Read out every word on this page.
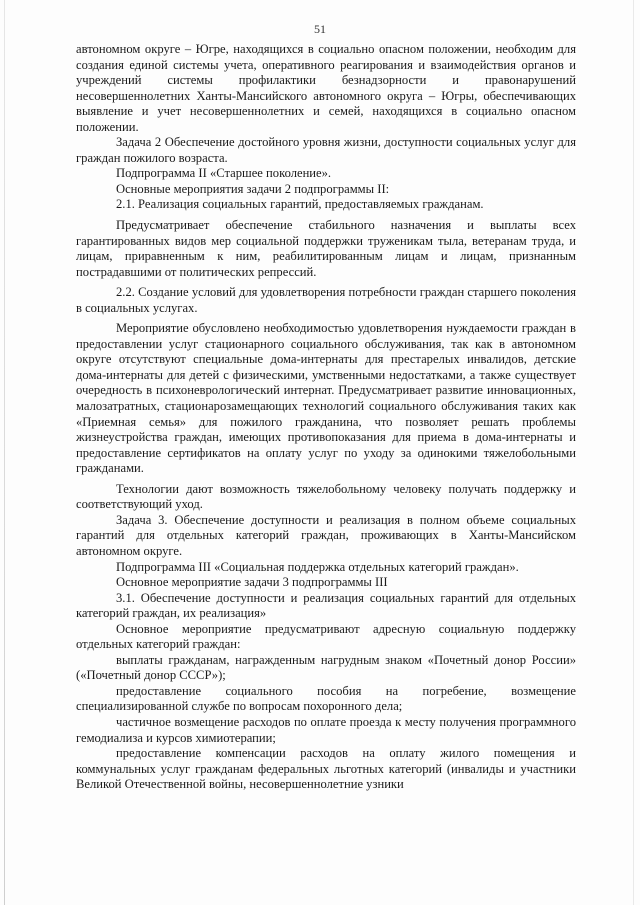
51

автономном округе – Югре, находящихся в социально опасном положении, необходим для создания единой системы учета, оперативного реагирования и взаимодействия органов и учреждений системы профилактики безнадзорности и правонарушений несовершеннолетних Ханты-Мансийского автономного округа – Югры, обеспечивающих выявление и учет несовершеннолетних и семей, находящихся в социально опасном положении.

Задача 2 Обеспечение достойного уровня жизни, доступности социальных услуг для граждан пожилого возраста.

Подпрограмма II «Старшее поколение».

Основные мероприятия задачи 2 подпрограммы II:

2.1. Реализация социальных гарантий, предоставляемых гражданам.

Предусматривает обеспечение стабильного назначения и выплаты всех гарантированных видов мер социальной поддержки труженикам тыла, ветеранам труда, и лицам, приравненным к ним, реабилитированным лицам и лицам, признанным пострадавшими от политических репрессий.

2.2. Создание условий для удовлетворения потребности граждан старшего поколения в социальных услугах.

Мероприятие обусловлено необходимостью удовлетворения нуждаемости граждан в предоставлении услуг стационарного социального обслуживания, так как в автономном округе отсутствуют специальные дома-интернаты для престарелых инвалидов, детские дома-интернаты для детей с физическими, умственными недостатками, а также существует очередность в психоневрологический интернат. Предусматривает развитие инновационных, малозатратных, стационарозамещающих технологий социального обслуживания таких как «Приемная семья» для пожилого гражданина, что позволяет решать проблемы жизнеустройства граждан, имеющих противопоказания для приема в дома-интернаты и предоставление сертификатов на оплату услуг по уходу за одинокими тяжелобольными гражданами.

Технологии дают возможность тяжелобольному человеку получать поддержку и соответствующий уход.

Задача 3. Обеспечение доступности и реализация в полном объеме социальных гарантий для отдельных категорий граждан, проживающих в Ханты-Мансийском автономном округе.

Подпрограмма III «Социальная поддержка отдельных категорий граждан».

Основное мероприятие задачи 3 подпрограммы III

3.1. Обеспечение доступности и реализация социальных гарантий для отдельных категорий граждан, их реализация»

Основное мероприятие предусматривают адресную социальную поддержку отдельных категорий граждан:

выплаты гражданам, награжденным нагрудным знаком «Почетный донор России» («Почетный донор СССР»);

предоставление социального пособия на погребение, возмещение специализированной службе по вопросам похоронного дела;

частичное возмещение расходов по оплате проезда к месту получения программного гемодиализа и курсов химиотерапии;

предоставление компенсации расходов на оплату жилого помещения и коммунальных услуг гражданам федеральных льготных категорий (инвалиды и участники Великой Отечественной войны, несовершеннолетние узники
